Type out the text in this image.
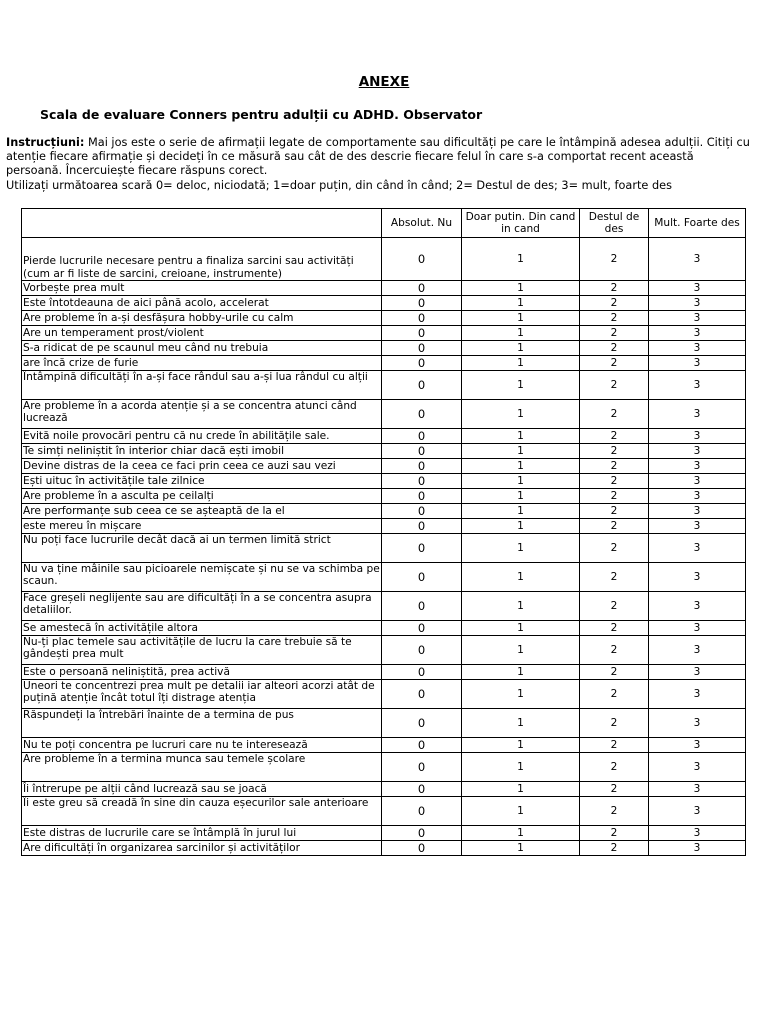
ANEXE
Scala de evaluare Conners pentru adulții cu ADHD. Observator
Instrucțiuni: Mai jos este o serie de afirmații legate de comportamente sau dificultăți pe care le întâmpină adesea adulții. Citiți cu atenție fiecare afirmație și decideți în ce măsură sau cât de des descrie fiecare felul în care s-a comportat recent această persoană. Încercuiește fiecare răspuns corect.
Utilizați următoarea scară 0= deloc, niciodată; 1=doar puțin, din când în când; 2= Destul de des; 3= mult, foarte des
	Absolut. Nu	Doar putin. Din cand in cand	Destul de des	Mult. Foarte des
Pierde lucrurile necesare pentru a finaliza sarcini sau activități (cum ar fi liste de sarcini, creioane, instrumente)	0	1	2	3
Vorbește prea mult	0	1	2	3
Este întotdeauna de aici până acolo, accelerat	0	1	2	3
Are probleme în a-și desfășura hobby-urile cu calm	0	1	2	3
Are un temperament prost/violent	0	1	2	3
S-a ridicat de pe scaunul meu când nu trebuia	0	1	2	3
are încă crize de furie	0	1	2	3
Întâmpină dificultăți în a-și face rândul sau a-și lua rândul cu alții	0	1	2	3
Are probleme în a acorda atenție și a se concentra atunci când lucrează	0	1	2	3
Evită noile provocări pentru că nu crede în abilitățile sale.	0	1	2	3
Te simți neliniștit în interior chiar dacă ești imobil	0	1	2	3
Devine distras de la ceea ce faci prin ceea ce auzi sau vezi	0	1	2	3
Ești uituc în activitățile tale zilnice	0	1	2	3
Are probleme în a asculta pe ceilalți	0	1	2	3
Are performanțe sub ceea ce se așteaptă de la el	0	1	2	3
este mereu în mișcare	0	1	2	3
Nu poți face lucrurile decât dacă ai un termen limită strict	0	1	2	3
Nu va ține mâinile sau picioarele nemișcate și nu se va schimba pe scaun.	0	1	2	3
Face greșeli neglijente sau are dificultăți în a se concentra asupra detaliilor.	0	1	2	3
Se amestecă în activitățile altora	0	1	2	3
Nu-ți plac temele sau activitățile de lucru la care trebuie să te gândești prea mult	0	1	2	3
Este o persoană neliniștită, prea activă	0	1	2	3
Uneori te concentrezi prea mult pe detalii iar alteori acorzi atât de puțină atenție încât totul îți distrage atenția	0	1	2	3
Răspundeți la întrebări înainte de a termina de pus	0	1	2	3
Nu te poți concentra pe lucruri care nu te interesează	0	1	2	3
Are probleme în a termina munca sau temele școlare	0	1	2	3
Îi întrerupe pe alții când lucrează sau se joacă	0	1	2	3
Îi este greu să creadă în sine din cauza eșecurilor sale anterioare	0	1	2	3
Este distras de lucrurile care se întâmplă în jurul lui	0	1	2	3
Are dificultăți în organizarea sarcinilor și activităților	0	1	2	3
